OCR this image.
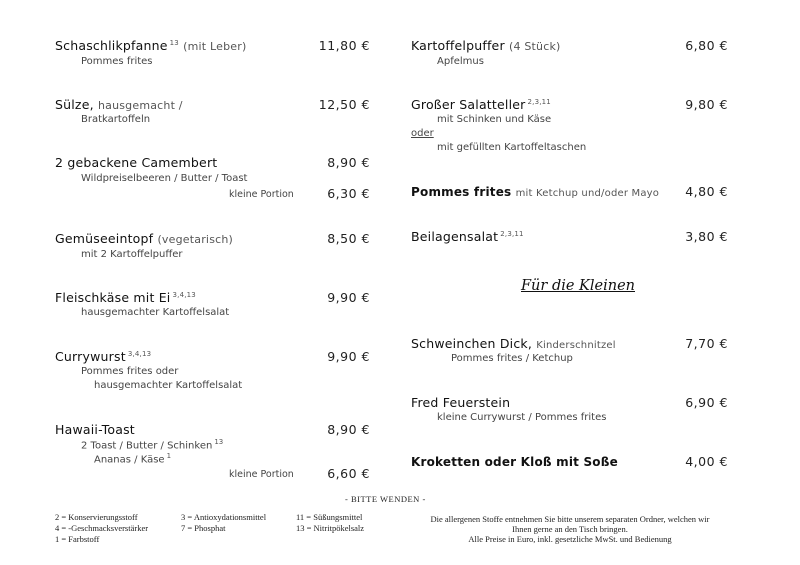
Schaschlikpfanne $^{13}$ (mit Leber)
Pommes frites
11,80 €
Sülze, hausgemacht /
Bratkartoffeln
12,50 €
2 gebackene Camembert
Wildpreiselbeeren / Butter / Toast
8,90 €
kleine Portion	6,30 €
Gemüseeintopf (vegetarisch)
mit 2 Kartoffelpuffer
8,50 €
Fleischkäse mit Ei $^{3,4,13}$
hausgemachter Kartoffelsalat
9,90 €
Currywurst $^{3,4,13}$
Pommes frites oder
hausgemachter Kartoffelsalat
9,90 €
Hawaii-Toast
2 Toast / Butter / Schinken $^{13}$
Ananas / Käse $^1$
8,90 €
kleine Portion	6,60 €
Kartoffelpuffer (4 Stück)
Apfelmus
6,80 €
Großer Salatteller $^{2,3,11}$
mit Schinken und Käse
oder
mit gefüllten Kartoffeltaschen
9,80 €
Pommes frites mit Ketchup und/oder Mayo	4,80 €
Beilagensalat $^{2,3,11}$	3,80 €
Für die Kleinen
Schweinchen Dick, Kinderschnitzel
Pommes frites / Ketchup
7,70 €
Fred Feuerstein
kleine Currywurst / Pommes frites
6,90 €
Kroketten oder Kloß mit Soße	4,00 €
- BITTE WENDEN -
2 = Konservierungsstoff
4 = -Geschmacksverstärker
1 = Farbstoff
3 = Antioxydationsmittel
7 = Phosphat
11 = Süßungsmittel
13 = Nitritpökelsalz
Die allergenen Stoffe entnehmen Sie bitte unserem separaten Ordner, welchen wir
Ihnen gerne an den Tisch bringen.
Alle Preise in Euro, inkl. gesetzliche MwSt. und Bedienung
